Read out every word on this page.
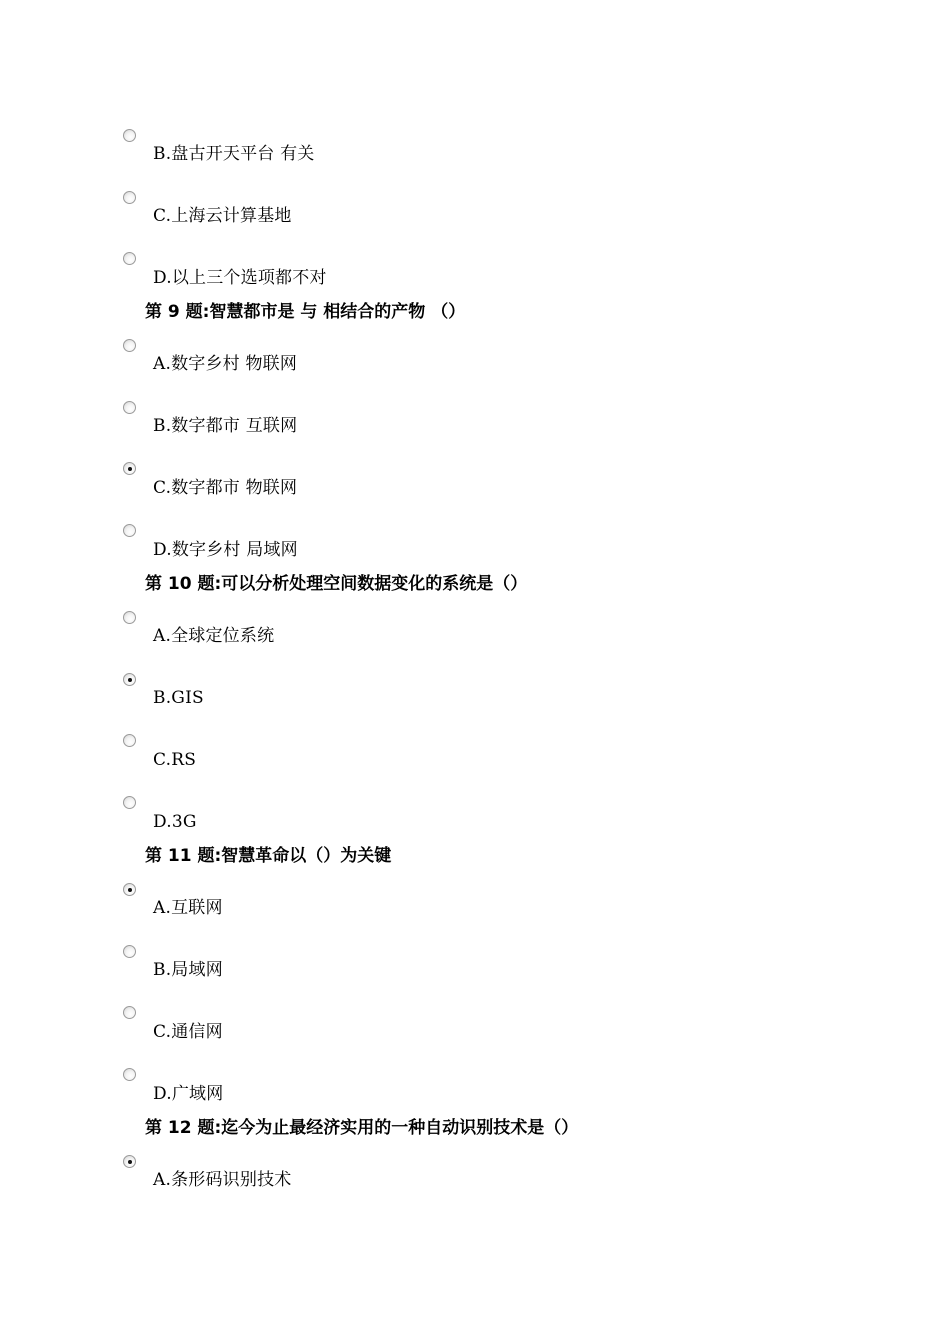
B.盘古开天平台 有关
C.上海云计算基地
D.以上三个选项都不对
第 9 题:智慧都市是 与 相结合的产物 （）
A.数字乡村 物联网
B.数字都市 互联网
C.数字都市 物联网
D.数字乡村 局域网
第 10 题:可以分析处理空间数据变化的系统是（）
A.全球定位系统
B.GIS
C.RS
D.3G
第 11 题:智慧革命以（）为关键
A.互联网
B.局域网
C.通信网
D.广域网
第 12 题:迄今为止最经济实用的一种自动识别技术是（）
A.条形码识别技术
